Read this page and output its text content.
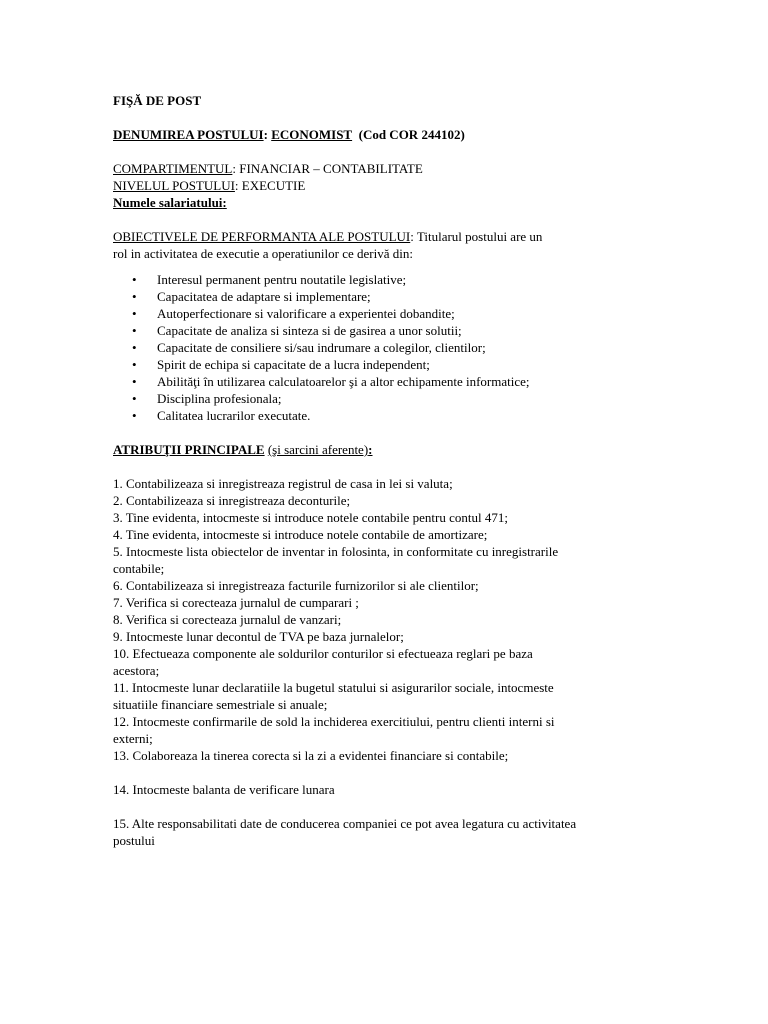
FIŞĂ DE POST

DENUMIREA POSTULUI: ECONOMIST (Cod COR 244102)

COMPARTIMENTUL: FINANCIAR – CONTABILITATE

NIVELUL POSTULUI: EXECUTIE

Numele salariatului:

OBIECTIVELE DE PERFORMANTA ALE POSTULUI: Titularul postului are un

rol in activitatea de executie a operatiunilor ce derivă din:

• Interesul permanent pentru noutatile legislative;
• Capacitatea de adaptare si implementare;
• Autoperfectionare si valorificare a experientei dobandite;
• Capacitate de analiza si sinteza si de gasirea a unor solutii;
• Capacitate de consiliere si/sau indrumare a colegilor, clientilor;
• Spirit de echipa si capacitate de a lucra independent;
• Abilităţi în utilizarea calculatoarelor şi a altor echipamente informatice;
• Disciplina profesionala;
• Calitatea lucrarilor executate.

ATRIBUŢII PRINCIPALE (şi sarcini aferente):

1. Contabilizeaza si inregistreaza registrul de casa in lei si valuta;

2. Contabilizeaza si inregistreaza deconturile;

3. Tine evidenta, intocmeste si introduce notele contabile pentru contul 471;

4. Tine evidenta, intocmeste si introduce notele contabile de amortizare;

5. Intocmeste lista obiectelor de inventar in folosinta, in conformitate cu inregistrarile

contabile;

6. Contabilizeaza si inregistreaza facturile furnizorilor si ale clientilor;

7. Verifica si corecteaza jurnalul de cumparari ;

8. Verifica si corecteaza jurnalul de vanzari;

9. Intocmeste lunar decontul de TVA pe baza jurnalelor;

10. Efectueaza componente ale soldurilor conturilor si efectueaza reglari pe baza

acestora;

11. Intocmeste lunar declaratiile la bugetul statului si asigurarilor sociale, intocmeste

situatiile financiare semestriale si anuale;

12. Intocmeste confirmarile de sold la inchiderea exercitiului, pentru clienti interni si

externi;

13. Colaboreaza la tinerea corecta si la zi a evidentei financiare si contabile;

14. Intocmeste balanta de verificare lunara

15. Alte responsabilitati date de conducerea companiei ce pot avea legatura cu activitatea

postului
